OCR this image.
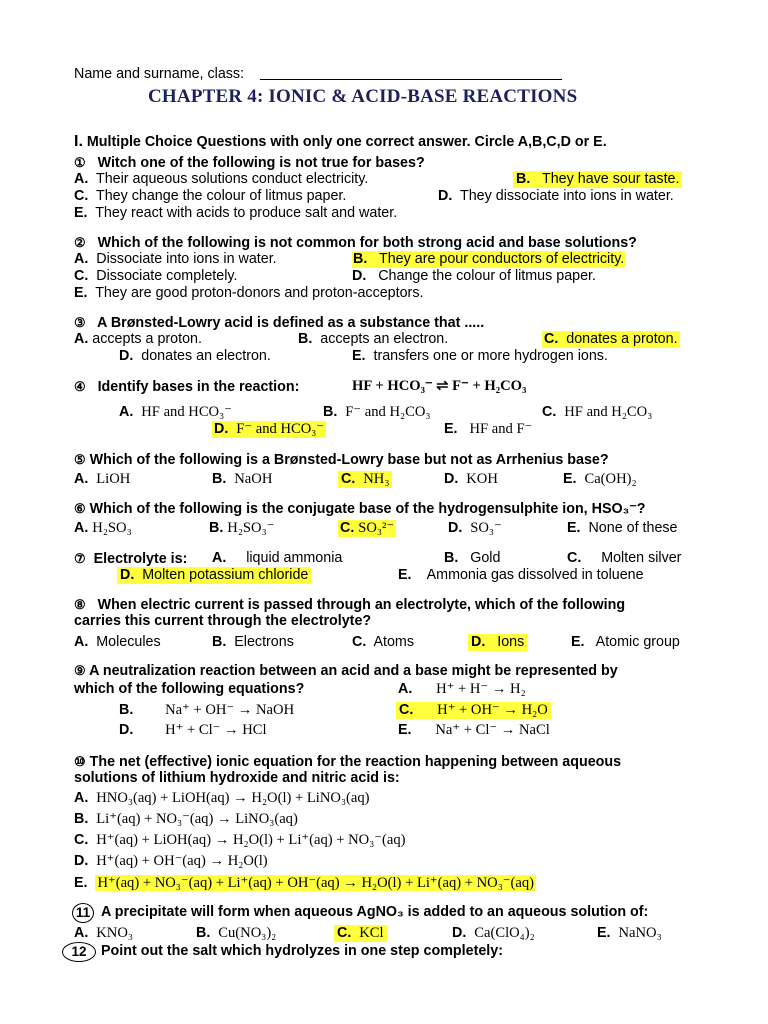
Name and surname, class:
CHAPTER 4: IONIC & ACID-BASE REACTIONS
I. Multiple Choice Questions with only one correct answer. Circle A,B,C,D or E.
① Witch one of the following is not true for bases?
A. Their aqueous solutions conduct electricity.	B. They have sour taste.
C. They change the colour of litmus paper.	D. They dissociate into ions in water.
E. They react with acids to produce salt and water.
② Which of the following is not common for both strong acid and base solutions?
A. Dissociate into ions in water.	B. They are pour conductors of electricity.
C. Dissociate completely.	D. Change the colour of litmus paper.
E. They are good proton-donors and proton-acceptors.
③ A Brønsted-Lowry acid is defined as a substance that .....
A. accepts a proton.	B. accepts an electron.	C. donates a proton.
D. donates an electron.	E. transfers one or more hydrogen ions.
④ Identify bases in the reaction:	HF + HCO₃⁻ ⇌ F⁻ + H₂CO₃
A. HF and HCO₃⁻	B. F⁻ and H₂CO₃	C. HF and H₂CO₃
D. F⁻ and HCO₃⁻	E. HF and F⁻
⑤ Which of the following is a Brønsted-Lowry base but not as Arrhenius base?
A. LiOH	B. NaOH	C. NH₃	D. KOH	E. Ca(OH)₂
⑥ Which of the following is the conjugate base of the hydrogensulphite ion, HSO₃⁻?
A. H₂SO₃	B. H₂SO₃⁻	C. SO₃²⁻	D. SO₃⁻	E. None of these
⑦ Electrolyte is: A. liquid ammonia	B. Gold	C. Molten silver
D. Molten potassium chloride	E. Ammonia gas dissolved in toluene
⑧ When electric current is passed through an electrolyte, which of the following
carries this current through the electrolyte?
A. Molecules	B. Electrons	C. Atoms	D. Ions	E. Atomic group
⑨ A neutralization reaction between an acid and a base might be represented by
which of the following equations?	A. H⁺ + H⁻ → H₂
B. Na⁺ + OH⁻ → NaOH	C. H⁺ + OH⁻ → H₂O
D. H⁺ + Cl⁻ → HCl	E. Na⁺ + Cl⁻ → NaCl
⑩ The net (effective) ionic equation for the reaction happening between aqueous
solutions of lithium hydroxide and nitric acid is:
A. HNO₃(aq) + LiOH(aq) → H₂O(l) + LiNO₃(aq)
B. Li⁺(aq) + NO₃⁻(aq) → LiNO₃(aq)
C. H⁺(aq) + LiOH(aq) → H₂O(l) + Li⁺(aq) + NO₃⁻(aq)
D. H⁺(aq) + OH⁻(aq) → H₂O(l)
E. H⁺(aq) + NO₃⁻(aq) + Li⁺(aq) + OH⁻(aq) → H₂O(l) + Li⁺(aq) + NO₃⁻(aq)
11 A precipitate will form when aqueous AgNO₃ is added to an aqueous solution of:
A. KNO₃	B. Cu(NO₃)₂	C. KCl	D. Ca(ClO₄)₂	E. NaNO₃
12	Point out the salt which hydrolyzes in one step completely:
